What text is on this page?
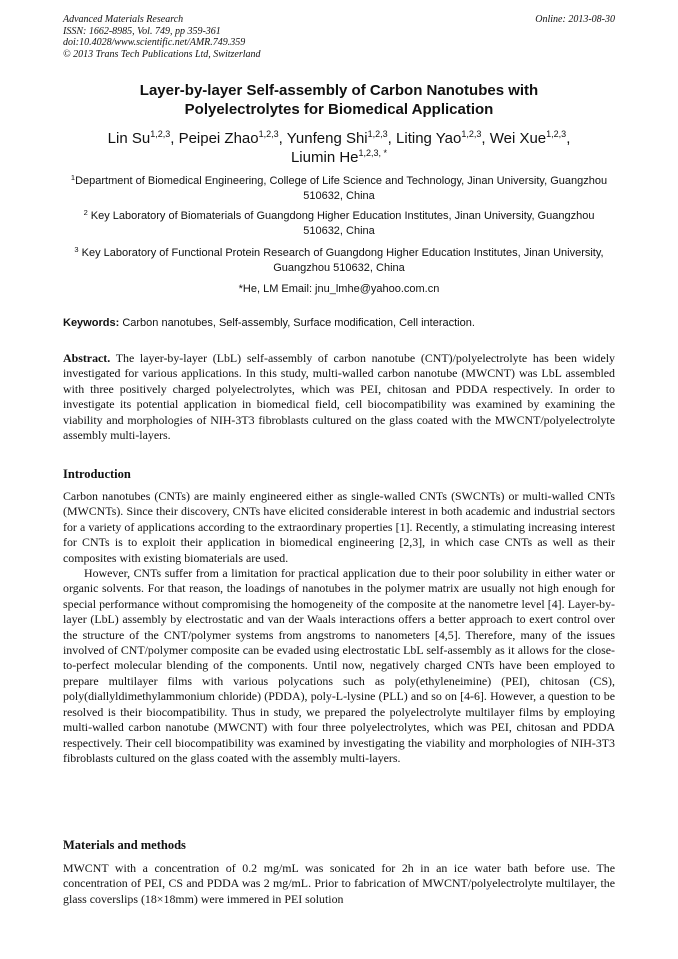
Advanced Materials Research
ISSN: 1662-8985, Vol. 749, pp 359-361
doi:10.4028/www.scientific.net/AMR.749.359
© 2013 Trans Tech Publications Ltd, Switzerland
Online: 2013-08-30
Layer-by-layer Self-assembly of Carbon Nanotubes with
Polyelectrolytes for Biomedical Application
Lin Su$^{1,2,3}$, Peipei Zhao$^{1,2,3}$, Yunfeng Shi$^{1,2,3}$, Liting Yao$^{1,2,3}$, Wei Xue$^{1,2,3}$,
Liumin $He^{1,2,3, *}$
$^1$Department of Biomedical Engineering, College of Life Science and Technology, Jinan University, Guangzhou 510632, China
$^2$ Key Laboratory of Biomaterials of Guangdong Higher Education Institutes, Jinan University, Guangzhou 510632, China
$^3$ Key Laboratory of Functional Protein Research of Guangdong Higher Education Institutes, Jinan University, Guangzhou 510632, China
*He, LM Email: jnu_lmhe@yahoo.com.cn
Keywords: Carbon nanotubes, Self-assembly, Surface modification, Cell interaction.

Abstract. The layer-by-layer (LbL) self-assembly of carbon nanotube (CNT)/polyelectrolyte has been widely investigated for various applications. In this study, multi-walled carbon nanotube (MWCNT) was LbL assembled with three positively charged polyelectrolytes, which was PEI, chitosan and PDDA respectively. In order to investigate its potential application in biomedical field, cell biocompatibility was examined by examining the viability and morphologies of NIH-3T3 fibroblasts cultured on the glass coated with the MWCNT/polyelectrolyte assembly multi-layers.

Introduction

Carbon nanotubes (CNTs) are mainly engineered either as single-walled CNTs (SWCNTs) or multi-walled CNTs (MWCNTs). Since their discovery, CNTs have elicited considerable interest in both academic and industrial sectors for a variety of applications according to the extraordinary properties [1]. Recently, a stimulating increasing interest for CNTs is to exploit their application in biomedical engineering [2,3], in which case CNTs as well as their composites with existing biomaterials are used.

However, CNTs suffer from a limitation for practical application due to their poor solubility in either water or organic solvents. For that reason, the loadings of nanotubes in the polymer matrix are usually not high enough for special performance without compromising the homogeneity of the composite at the nanometre level [4]. Layer-by-layer (LbL) assembly by electrostatic and van der Waals interactions offers a better approach to exert control over the structure of the CNT/polymer systems from angstroms to nanometers [4,5]. Therefore, many of the issues involved of CNT/polymer composite can be evaded using electrostatic LbL self-assembly as it allows for the close-to-perfect molecular blending of the components. Until now, negatively charged CNTs have been employed to prepare multilayer films with various polycations such as poly(ethyleneimine) (PEI), chitosan (CS), poly(diallyldimethylammonium chloride) (PDDA), poly-L-lysine (PLL) and so on [4-6]. However, a question to be resolved is their biocompatibility. Thus in study, we prepared the polyelectrolyte multilayer films by employing multi-walled carbon nanotube (MWCNT) with four three polyelectrolytes, which was PEI, chitosan and PDDA respectively. Their cell biocompatibility was examined by investigating the viability and morphologies of NIH-3T3 fibroblasts cultured on the glass coated with the assembly multi-layers.

Materials and methods

MWCNT with a concentration of 0.2 mg/mL was sonicated for 2h in an ice water bath before use. The concentration of PEI, CS and PDDA was 2 mg/mL. Prior to fabrication of MWCNT/polyelectrolyte multilayer, the glass coverslips (18×18mm) were immered in PEI solution
